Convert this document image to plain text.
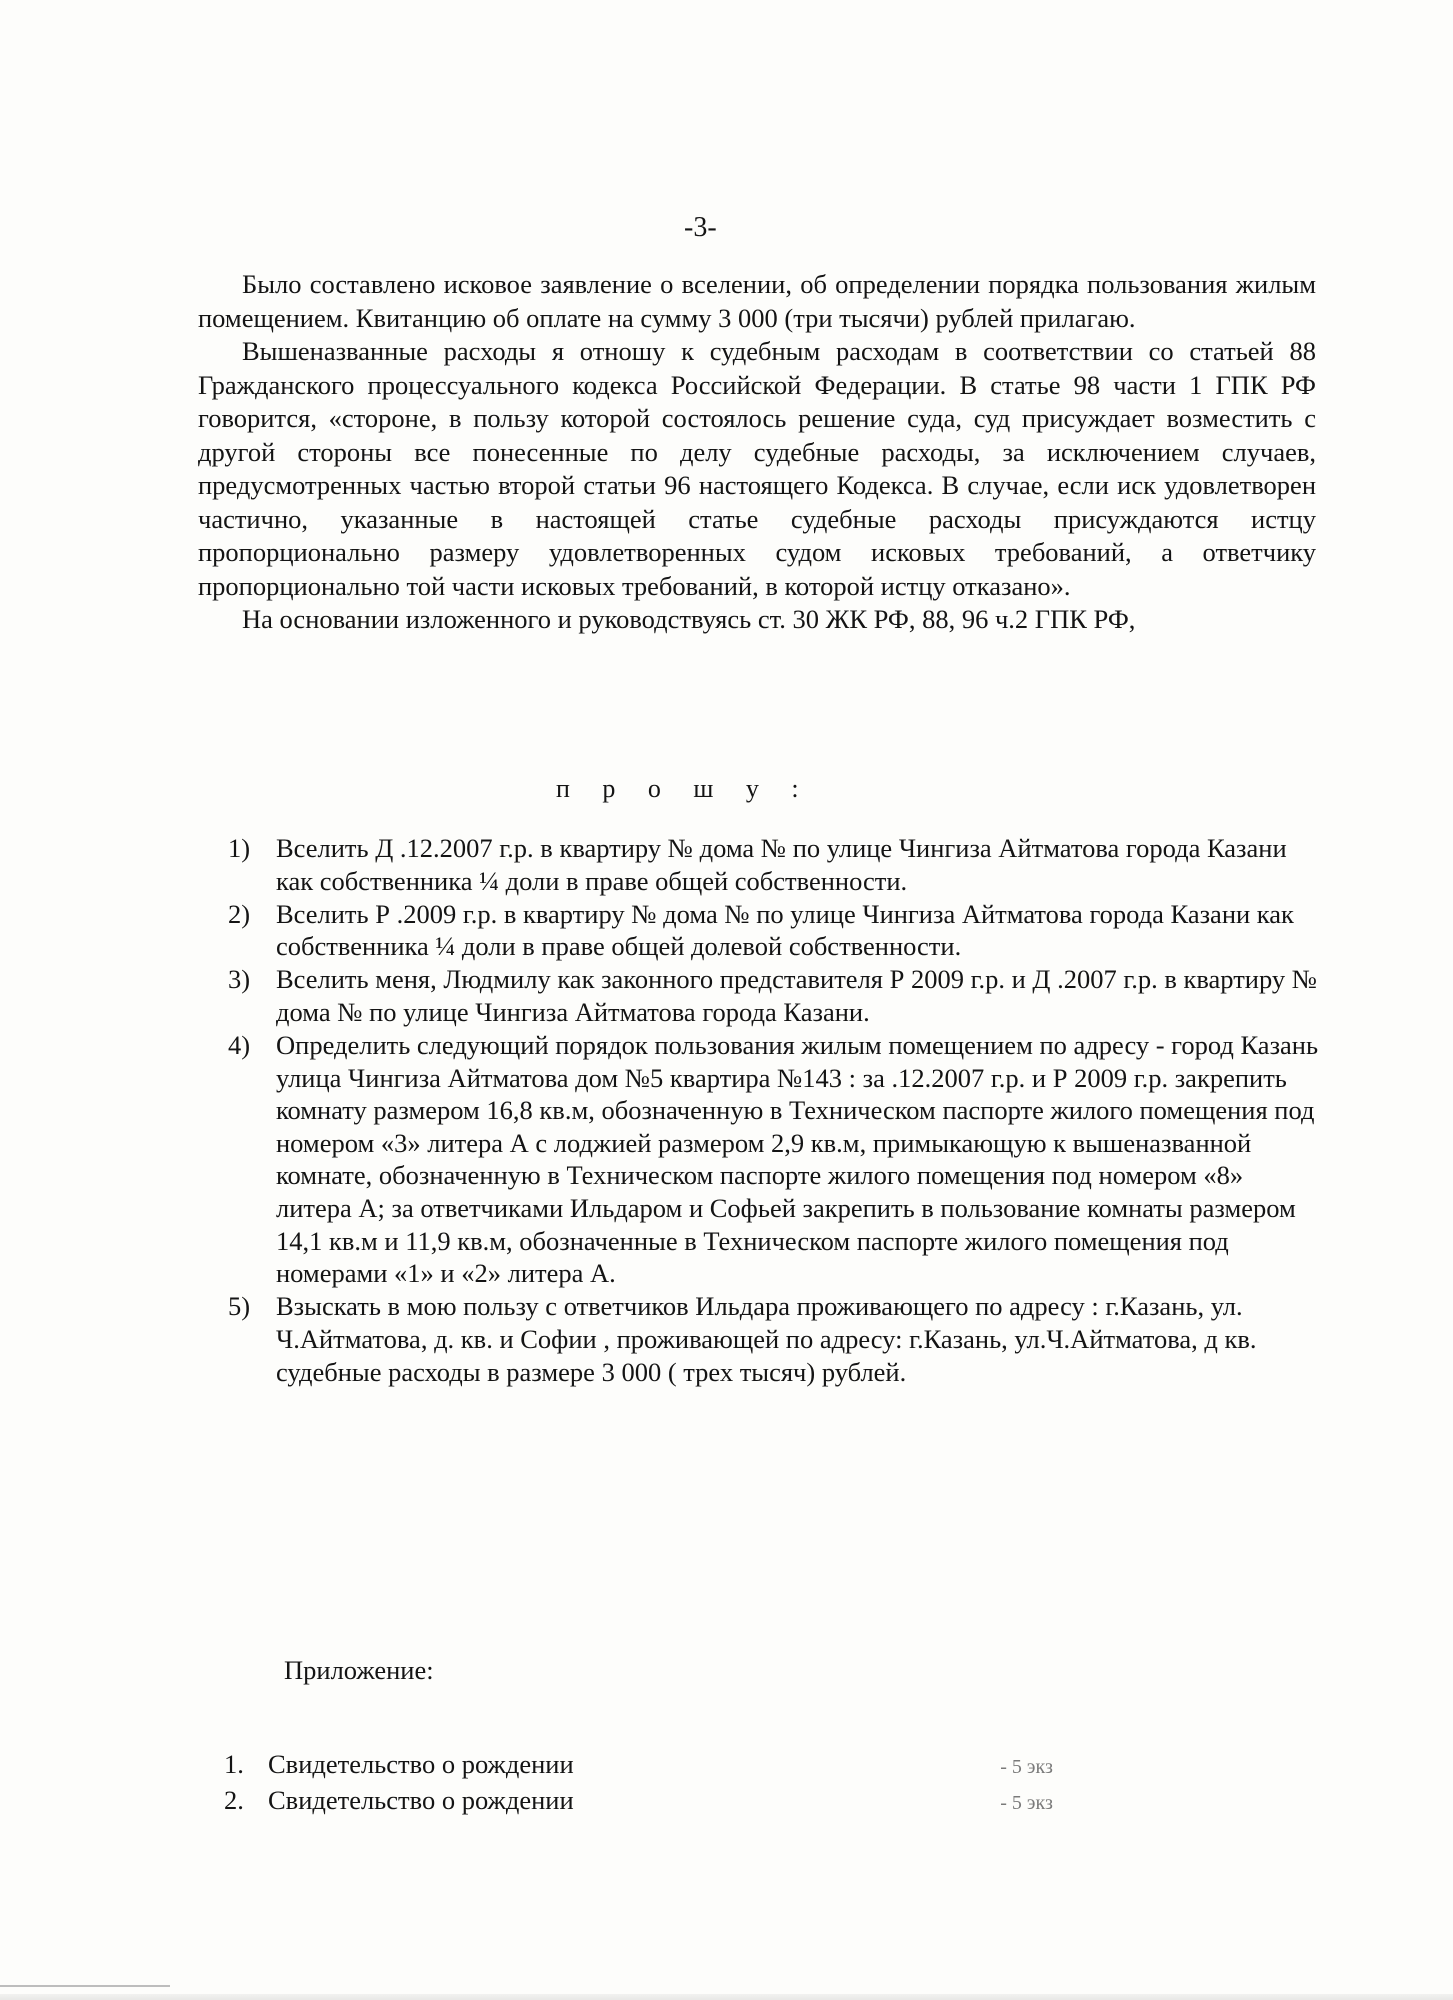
-3-

Было составлено исковое заявление о вселении, об определении порядка пользования жилым помещением. Квитанцию об оплате на сумму 3 000 (три тысячи) рублей прилагаю.

Вышеназванные расходы я отношу к судебным расходам в соответствии со статьей 88 Гражданского процессуального кодекса Российской Федерации. В статье 98 части 1 ГПК РФ говорится, «стороне, в пользу которой состоялось решение суда, суд присуждает возместить с другой стороны все понесенные по делу судебные расходы, за исключением случаев, предусмотренных частью второй статьи 96 настоящего Кодекса. В случае, если иск удовлетворен частично, указанные в настоящей статье судебные расходы присуждаются истцу пропорционально размеру удовлетворенных судом исковых требований, а ответчику пропорционально той части исковых требований, в которой истцу отказано».

На основании изложенного и руководствуясь ст. 30 ЖК РФ, 88, 96 ч.2 ГПК РФ,

п р о ш у :
1) Вселить Д .12.2007 г.р. в квартиру № дома № по улице Чингиза Айтматова города Казани как собственника ¼ доли в праве общей собственности.
2) Вселить Р .2009 г.р. в квартиру № дома № по улице Чингиза Айтматова города Казани как собственника ¼ доли в праве общей долевой собственности.
3) Вселить меня, Людмилу как законного представителя Р 2009 г.р. и Д .2007 г.р. в квартиру № дома № по улице Чингиза Айтматова города Казани.
4) Определить следующий порядок пользования жилым помещением по адресу - город Казань улица Чингиза Айтматова дом №5 квартира №143 : за .12.2007 г.р. и Р 2009 г.р. закрепить комнату размером 16,8 кв.м, обозначенную в Техническом паспорте жилого помещения под номером «3» литера А с лоджией размером 2,9 кв.м, примыкающую к вышеназванной комнате, обозначенную в Техническом паспорте жилого помещения под номером «8» литера А; за ответчиками Ильдаром и Софьей закрепить в пользование комнаты размером 14,1 кв.м и 11,9 кв.м, обозначенные в Техническом паспорте жилого помещения под номерами «1» и «2» литера А.
5) Взыскать в мою пользу с ответчиков Ильдара проживающего по адресу : г.Казань, ул. Ч.Айтматова, д. кв. и Софии , проживающей по адресу: г.Казань, ул.Ч.Айтматова, д кв. судебные расходы в размере 3 000 ( трех тысяч) рублей.
Приложение:
1. Свидетельство о рождении	- 5 экз
2. Свидетельство о рождении	- 5 экз
